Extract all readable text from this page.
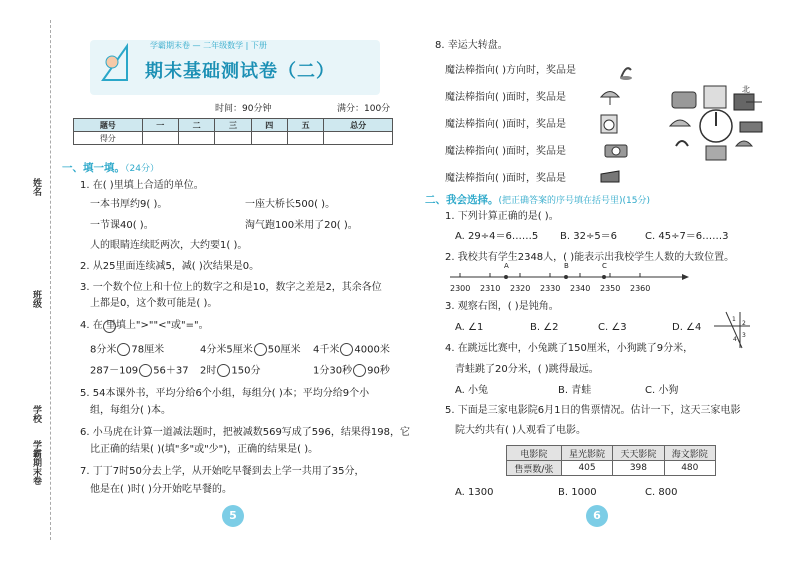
姓名
班级
学校
学霸期末卷
学霸期末卷 — 二年级数学 | 下册
期末基础测试卷（二）
时间：90分钟	满分：100分
题号	一	二	三	四	五	总分
得分						
一、填一填。（24分）
1. 在( )里填上合适的单位。
一本书厚约9( )。	一座大桥长500( )。
一节课40( )。	淘气跑100米用了20( )。
人的眼睛连续眨两次，大约要1( )。
2. 从25里面连续减5，减( )次结果是0。
3. 一个数个位上和十位上的数字之和是10，数字之差是2，其余各位
上都是0，这个数可能是( )。
4. 在 里填上">""<"或"="。
8分米 78厘米	4分米5厘米 50厘米 4千米 4000米
287－109 56＋37 2时 150分	1分30秒 90秒
5. 54本课外书，平均分给6个小组，每组分( )本；平均分给9个小
组，每组分( )本。
6. 小马虎在计算一道减法题时，把被减数569写成了596，结果得198，它
比正确的结果( )(填"多"或"少")，正确的结果是( )。
7. 丁丁7时50分去上学，从开始吃早餐到去上学一共用了35分，
他是在( )时( )分开始吃早餐的。
5
8. 幸运大转盘。
魔法棒指向( )方向时，奖品是
魔法棒指向( )面时，奖品是
魔法棒指向( )面时，奖品是
魔法棒指向( )面时，奖品是
魔法棒指向( )面时，奖品是
北
二、我会选择。(把正确答案的序号填在括号里)(15分)
1. 下列计算正确的是( )。
A. 29÷4＝6……5 B. 32÷5＝6	C. 45÷7＝6……3
2. 我校共有学生2348人，( )能表示出我校学生人数的大致位置。
A	B	C
2300 2310 2320 2330 2340 2350 2360
3. 观察右图，( )是钝角。
A. ∠1	B. ∠2	C. ∠3	D. ∠4
1
2
3
4
4. 在跳远比赛中，小兔跳了150厘米，小狗跳了9分米，
青蛙跳了20分米，( )跳得最远。
A. 小兔	B. 青蛙	C. 小狗
5. 下面是三家电影院6月1日的售票情况。估计一下，这天三家电影
院大约共有( )人观看了电影。
电影院	星光影院	天天影院	海文影院
售票数/张	405	398	480
A. 1300	B. 1000	C. 800
6
